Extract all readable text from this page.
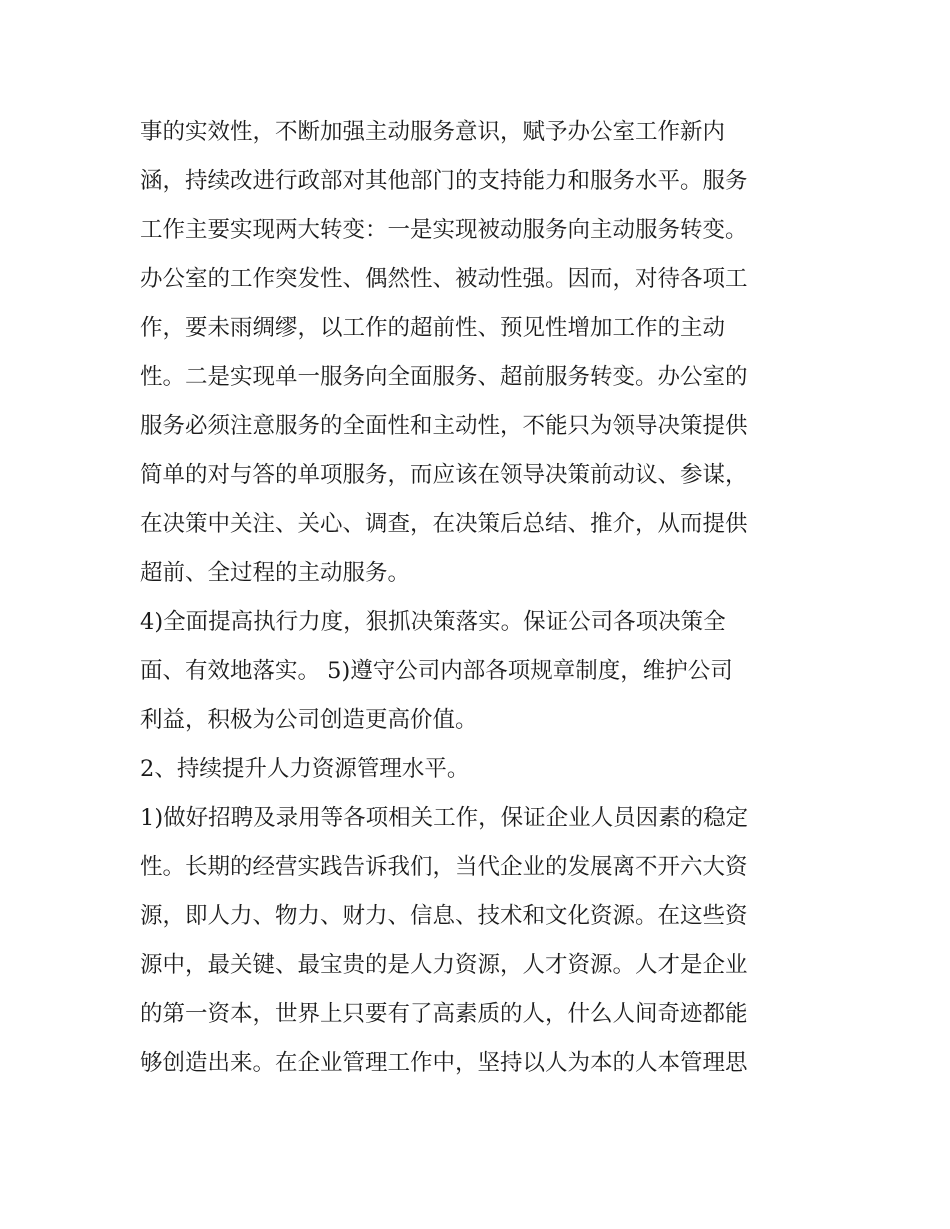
事的实效性，不断加强主动服务意识，赋予办公室工作新内
涵，持续改进行政部对其他部门的支持能力和服务水平。服务
工作主要实现两大转变：一是实现被动服务向主动服务转变。
办公室的工作突发性、偶然性、被动性强。因而，对待各项工
作，要未雨绸缪，以工作的超前性、预见性增加工作的主动
性。二是实现单一服务向全面服务、超前服务转变。办公室的
服务必须注意服务的全面性和主动性，不能只为领导决策提供
简单的对与答的单项服务，而应该在领导决策前动议、参谋，
在决策中关注、关心、调查，在决策后总结、推介，从而提供
超前、全过程的主动服务。
4)全面提高执行力度，狠抓决策落实。保证公司各项决策全
面、有效地落实。 5)遵守公司内部各项规章制度，维护公司
利益，积极为公司创造更高价值。
2、持续提升人力资源管理水平。
1)做好招聘及录用等各项相关工作，保证企业人员因素的稳定
性。长期的经营实践告诉我们，当代企业的发展离不开六大资
源，即人力、物力、财力、信息、技术和文化资源。在这些资
源中，最关键、最宝贵的是人力资源，人才资源。人才是企业
的第一资本，世界上只要有了高素质的人，什么人间奇迹都能
够创造出来。在企业管理工作中，坚持以人为本的人本管理思
